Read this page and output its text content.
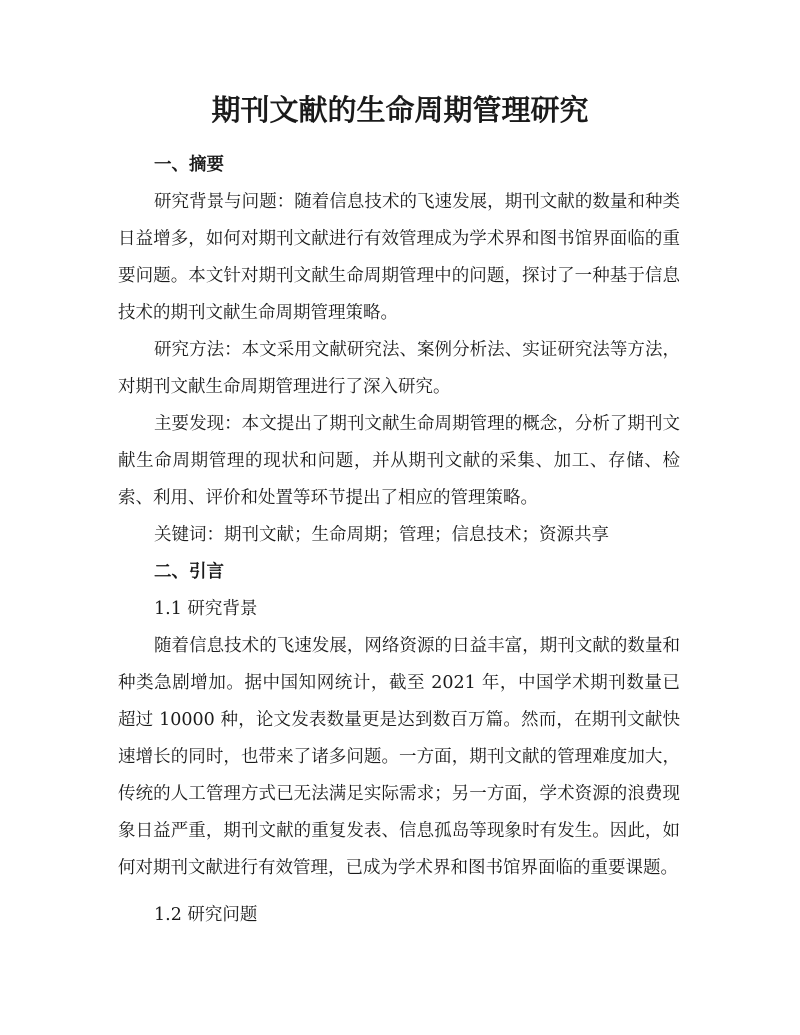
期刊文献的生命周期管理研究

一、摘要

研究背景与问题：随着信息技术的飞速发展，期刊文献的数量和种类日益增多，如何对期刊文献进行有效管理成为学术界和图书馆界面临的重要问题。本文针对期刊文献生命周期管理中的问题，探讨了一种基于信息技术的期刊文献生命周期管理策略。

研究方法：本文采用文献研究法、案例分析法、实证研究法等方法，对期刊文献生命周期管理进行了深入研究。

主要发现：本文提出了期刊文献生命周期管理的概念，分析了期刊文献生命周期管理的现状和问题，并从期刊文献的采集、加工、存储、检索、利用、评价和处置等环节提出了相应的管理策略。

关键词：期刊文献；生命周期；管理；信息技术；资源共享

二、引言

1.1 研究背景

随着信息技术的飞速发展，网络资源的日益丰富，期刊文献的数量和种类急剧增加。据中国知网统计，截至 2021 年，中国学术期刊数量已超过 10000 种，论文发表数量更是达到数百万篇。然而，在期刊文献快速增长的同时，也带来了诸多问题。一方面，期刊文献的管理难度加大，传统的人工管理方式已无法满足实际需求；另一方面，学术资源的浪费现象日益严重，期刊文献的重复发表、信息孤岛等现象时有发生。因此，如何对期刊文献进行有效管理，已成为学术界和图书馆界面临的重要课题。

1.2 研究问题
